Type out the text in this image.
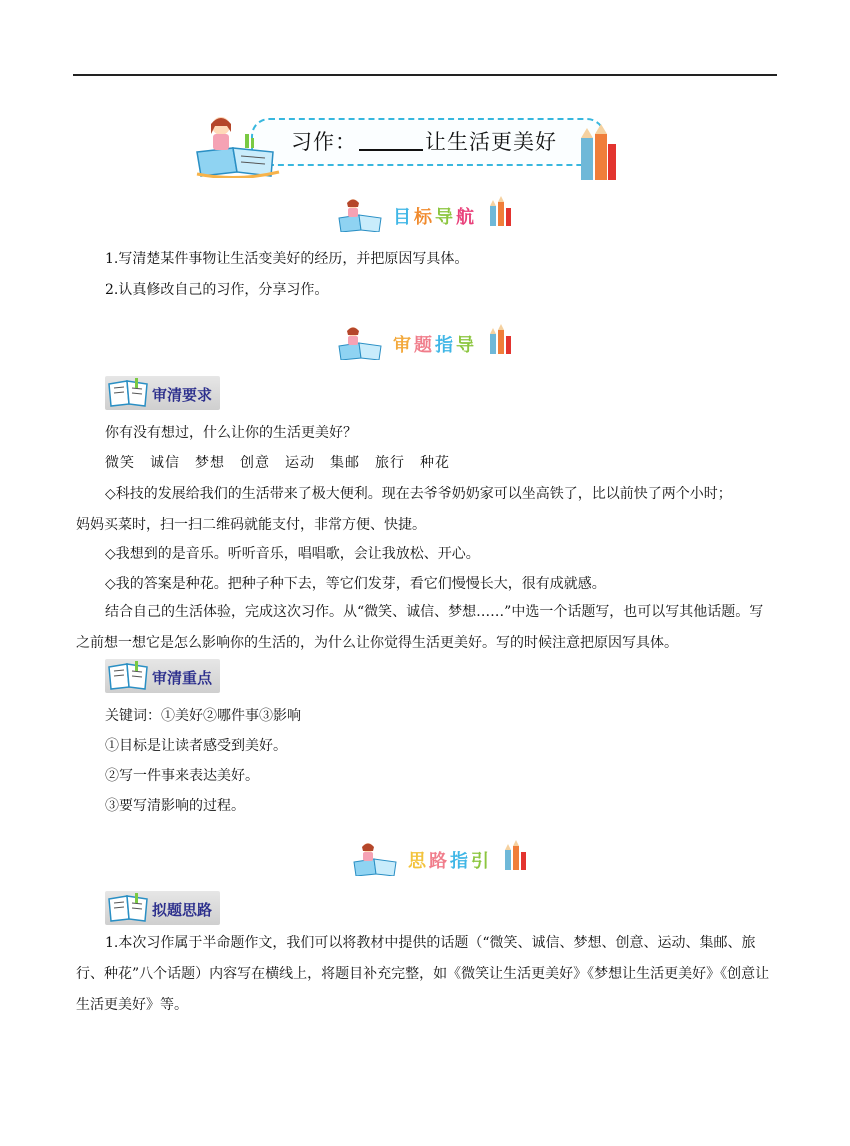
习作：	让生活更美好
目标导航
1.写清楚某件事物让生活变美好的经历，并把原因写具体。
2.认真修改自己的习作，分享习作。
审题指导
审清要求
你有没有想过，什么让你的生活更美好？
微笑　诚信　梦想　创意　运动　集邮　旅行　种花
◇科技的发展给我们的生活带来了极大便利。现在去爷爷奶奶家可以坐高铁了，比以前快了两个小时；
妈妈买菜时，扫一扫二维码就能支付，非常方便、快捷。
◇我想到的是音乐。听听音乐，唱唱歌，会让我放松、开心。
◇我的答案是种花。把种子种下去，等它们发芽，看它们慢慢长大，很有成就感。
结合自己的生活体验，完成这次习作。从“微笑、诚信、梦想……”中选一个话题写，也可以写其他话题。写之前想一想它是怎么影响你的生活的，为什么让你觉得生活更美好。写的时候注意把原因写具体。
审清重点
关键词：①美好②哪件事③影响
①目标是让读者感受到美好。
②写一件事来表达美好。
③要写清影响的过程。
思路指引
拟题思路
1.本次习作属于半命题作文，我们可以将教材中提供的话题（“微笑、诚信、梦想、创意、运动、集邮、旅行、种花”八个话题）内容写在横线上，将题目补充完整，如《微笑让生活更美好》《梦想让生活更美好》《创意让生活更美好》等。
